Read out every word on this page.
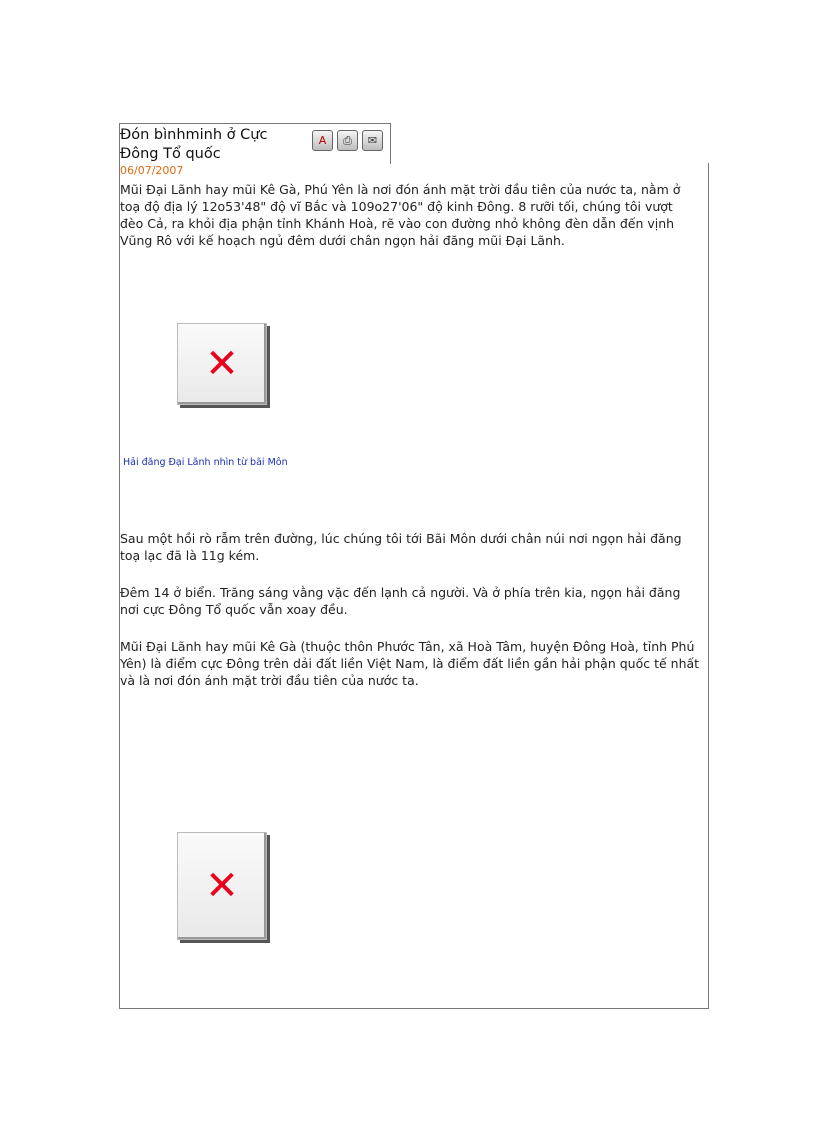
Đón bìnhminh ở Cực
Đông Tổ quốc
A	⎙	✉
06/07/2007

Mũi Đại Lãnh hay mũi Kê Gà, Phú Yên là nơi đón ánh mặt trời đầu tiên của nước ta, nằm ở toạ độ địa lý 12o53'48" độ vĩ Bắc và 109o27'06" độ kinh Đông. 8 rưỡi tối, chúng tôi vượt đèo Cả, ra khỏi địa phận tỉnh Khánh Hoà, rẽ vào con đường nhỏ không đèn dẫn đến vịnh Vũng Rô với kế hoạch ngủ đêm dưới chân ngọn hải đăng mũi Đại Lãnh.

✕
Hải đăng Đại Lãnh nhìn từ bãi Môn

Sau một hồi rò rẫm trên đường, lúc chúng tôi tới Bãi Môn dưới chân núi nơi ngọn hải đăng toạ lạc đã là 11g kém.

Đêm 14 ở biển. Trăng sáng vằng vặc đến lạnh cả người. Và ở phía trên kia, ngọn hải đăng nơi cực Đông Tổ quốc vẫn xoay đều.

Mũi Đại Lãnh hay mũi Kê Gà (thuộc thôn Phước Tân, xã Hoà Tâm, huyện Đông Hoà, tỉnh Phú Yên) là điểm cực Đông trên dải đất liền Việt Nam, là điểm đất liền gần hải phận quốc tế nhất và là nơi đón ánh mặt trời đầu tiên của nước ta.

✕
